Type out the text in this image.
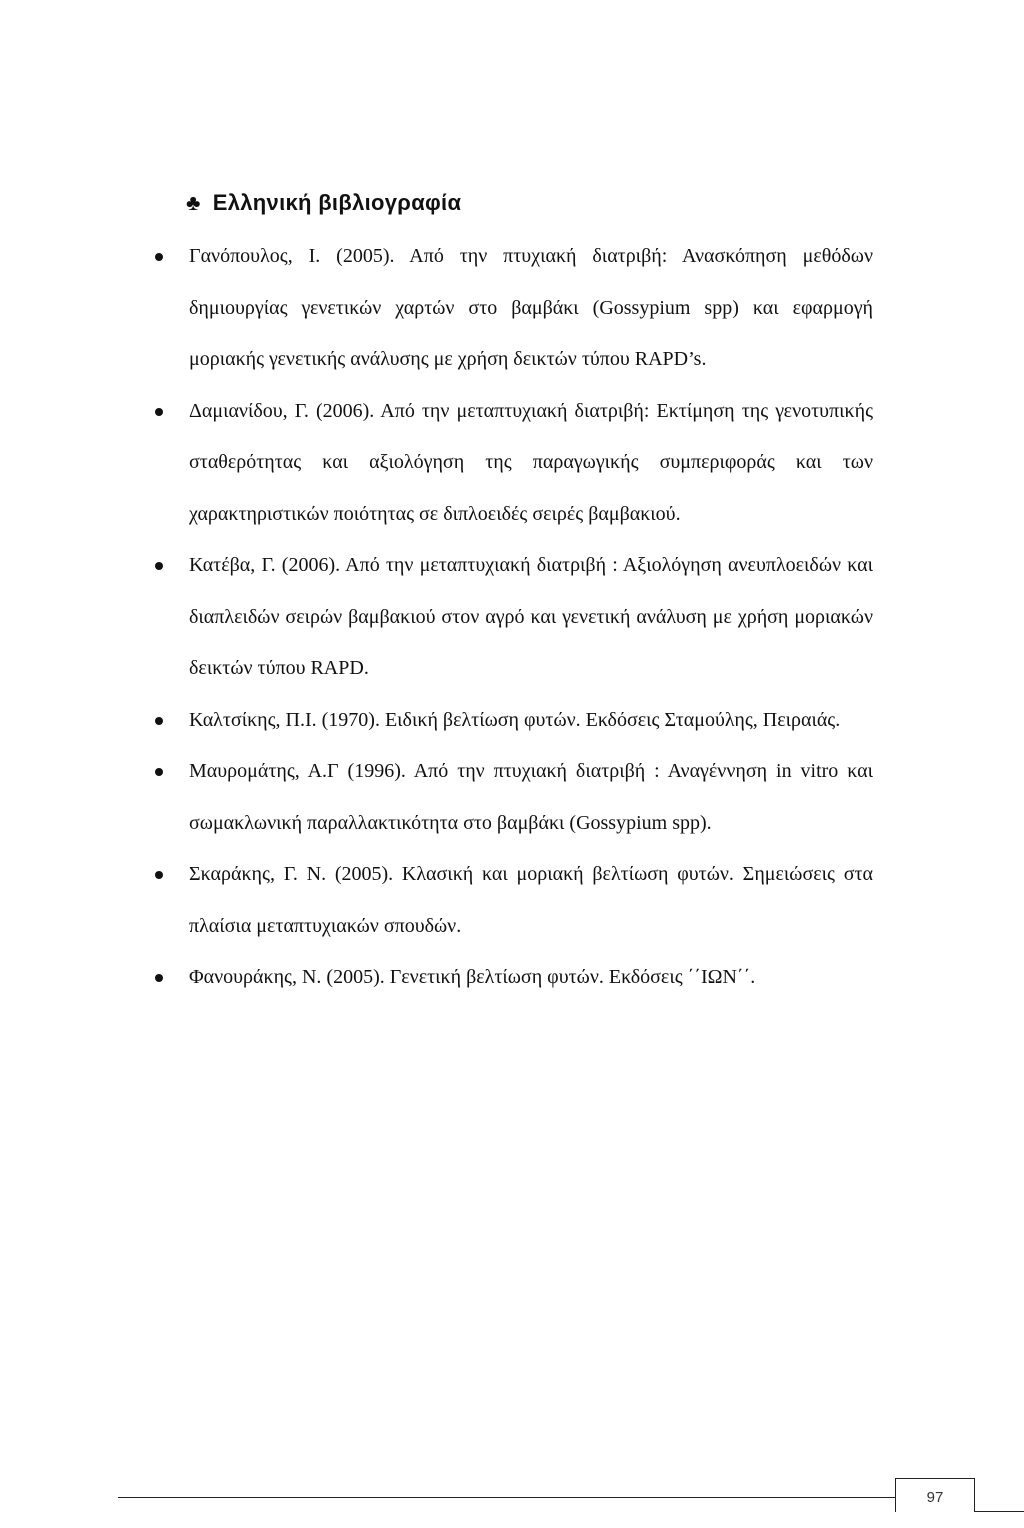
♣ Ελληνική βιβλιογραφία
Γανόπουλος, Ι. (2005). Από την πτυχιακή διατριβή: Ανασκόπηση μεθόδων δημιουργίας γενετικών χαρτών στο βαμβάκι (Gossypium spp) και εφαρμογή μοριακής γενετικής ανάλυσης με χρήση δεικτών τύπου RAPD’s.
Δαμιανίδου, Γ. (2006). Από την μεταπτυχιακή διατριβή: Εκτίμηση της γενοτυπικής σταθερότητας και αξιολόγηση της παραγωγικής συμπεριφοράς και των χαρακτηριστικών ποιότητας σε διπλοειδές σειρές βαμβακιού.
Κατέβα, Γ. (2006). Από την μεταπτυχιακή διατριβή : Αξιολόγηση ανευπλοειδών και διαπλειδών σειρών βαμβακιού στον αγρό και γενετική ανάλυση με χρήση μοριακών δεικτών τύπου RAPD.
Καλτσίκης, Π.Ι. (1970). Ειδική βελτίωση φυτών. Εκδόσεις Σταμούλης, Πειραιάς.
Μαυρομάτης, Α.Γ (1996). Από την πτυχιακή διατριβή : Αναγέννηση in vitro και σωμακλωνική παραλλακτικότητα στο βαμβάκι (Gossypium spp).
Σκαράκης, Γ. Ν. (2005). Κλασική και μοριακή βελτίωση φυτών. Σημειώσεις στα πλαίσια μεταπτυχιακών σπουδών.
Φανουράκης, Ν. (2005). Γενετική βελτίωση φυτών. Εκδόσεις ΄΄ΙΩΝ΄΄.
97
